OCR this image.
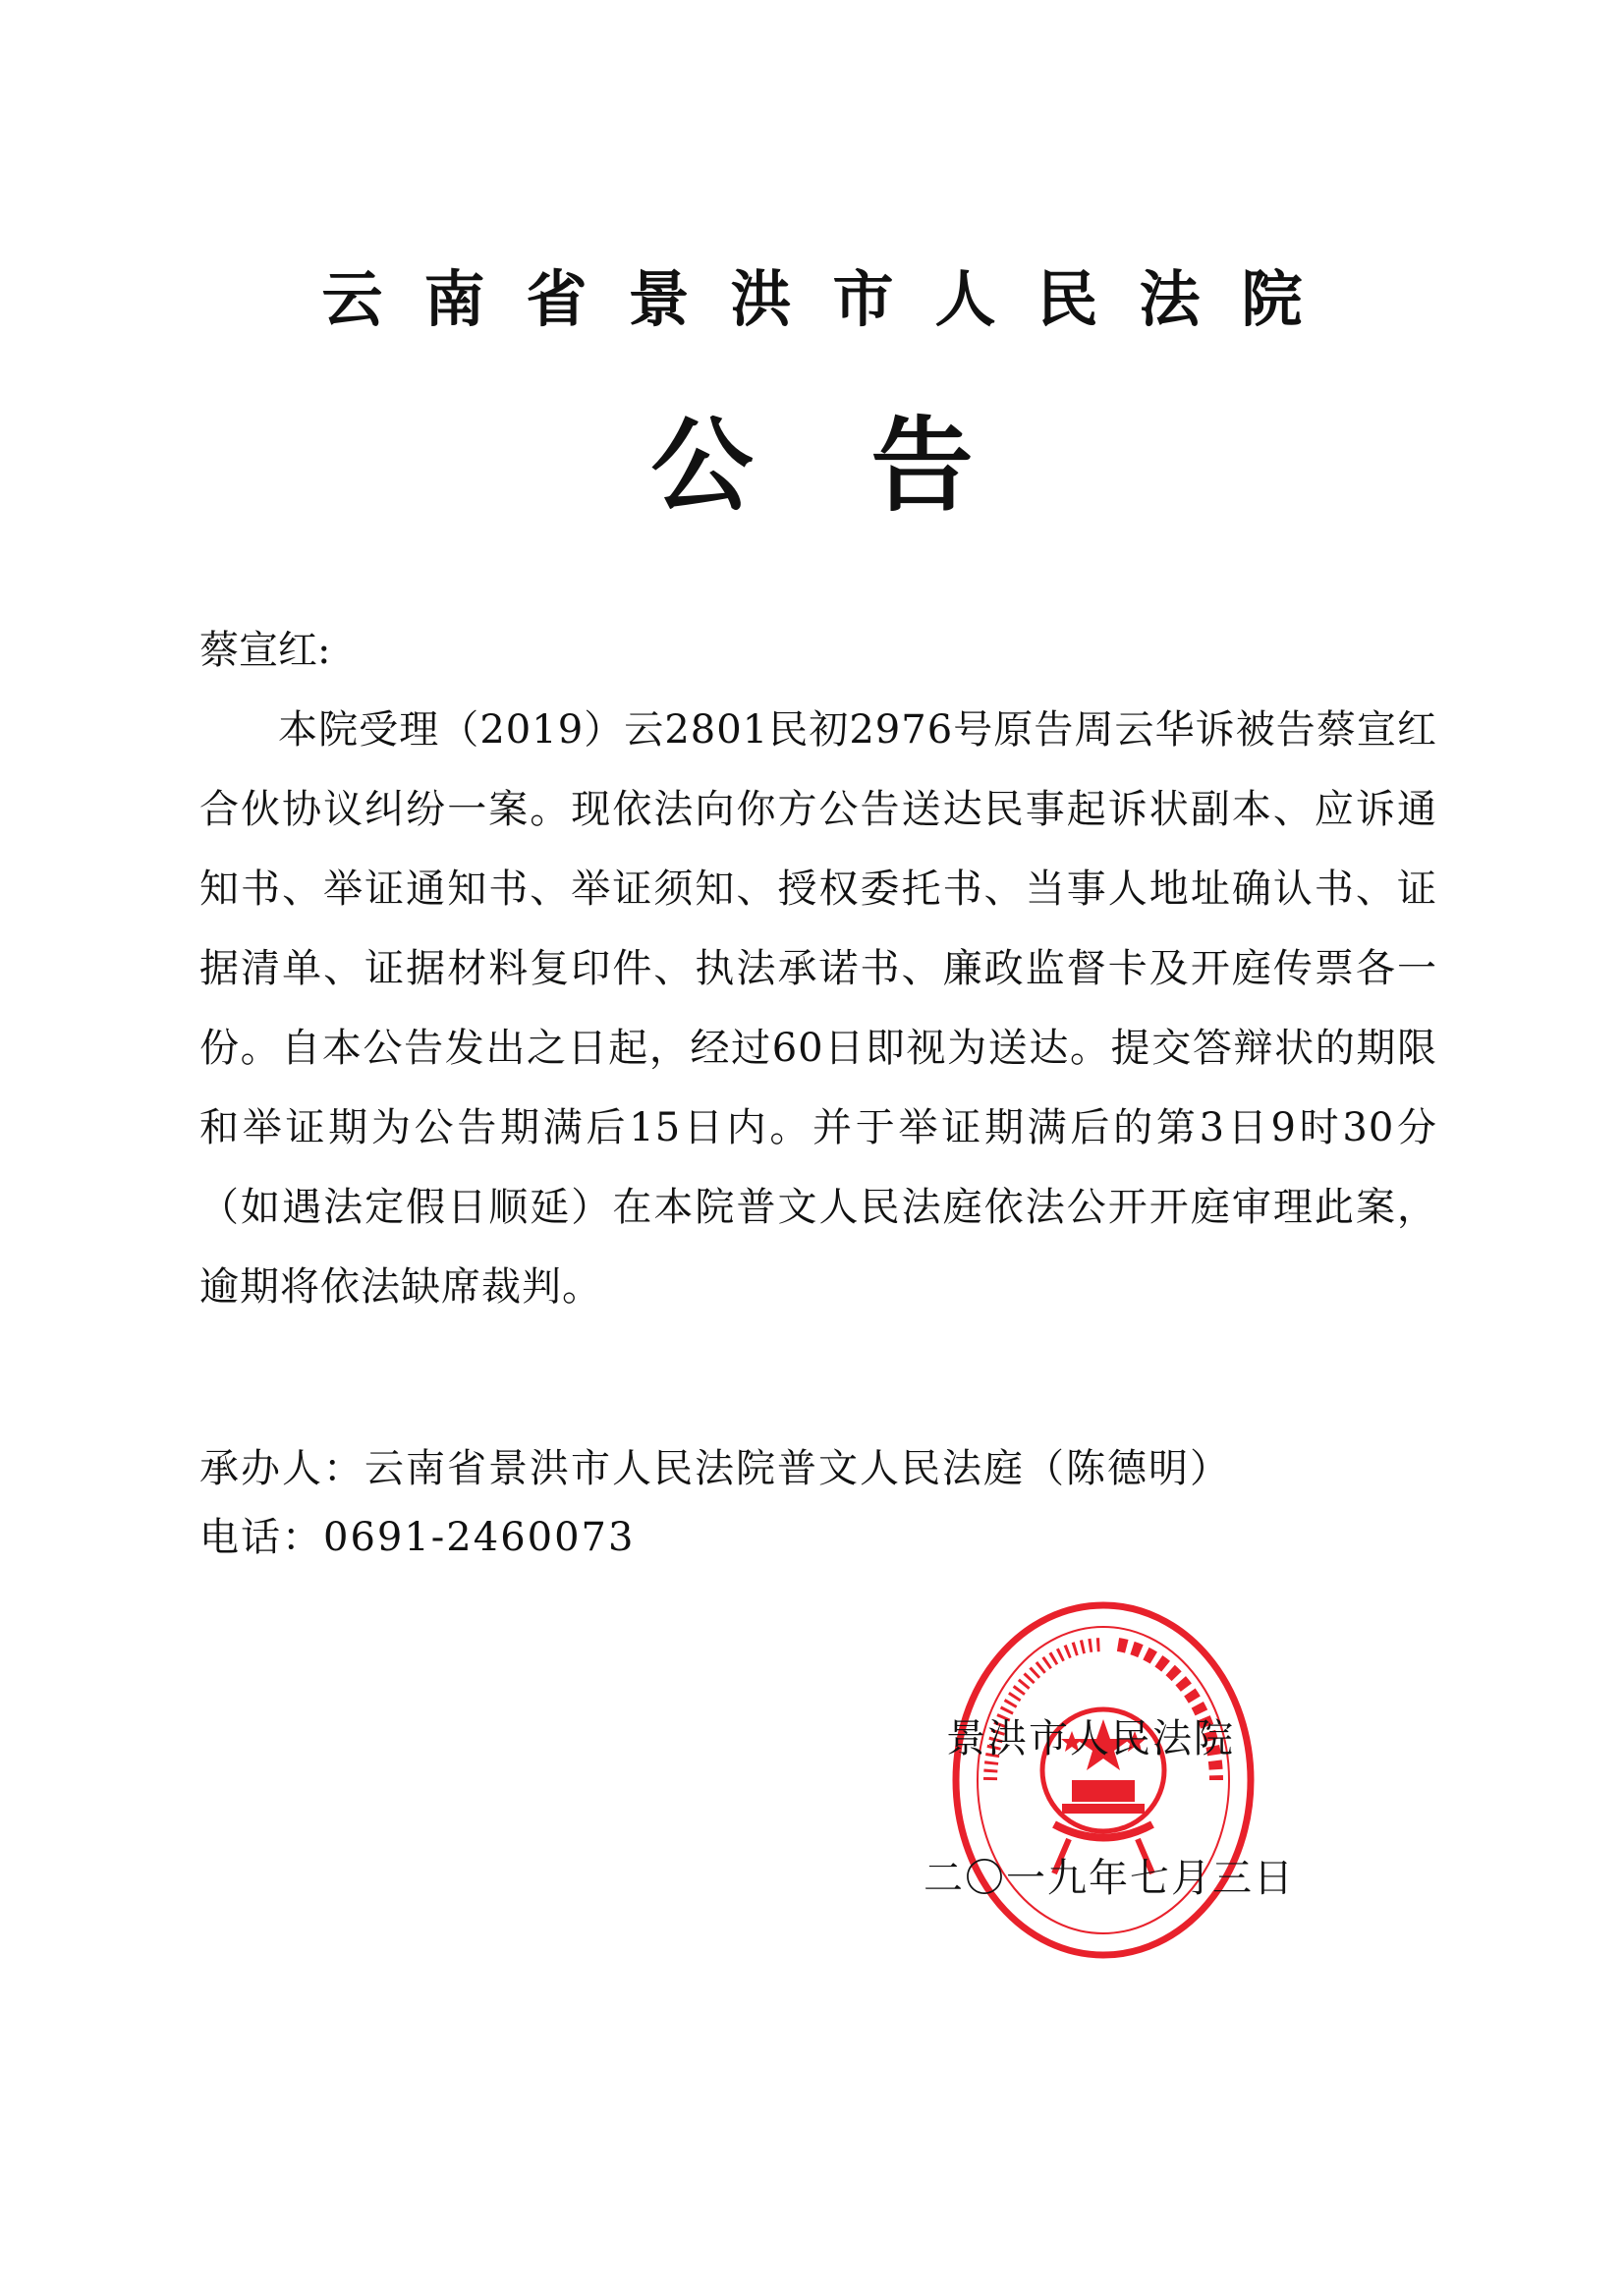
云南省景洪市人民法院
公告
蔡宣红:
本院受理（2019）云2801民初2976号原告周云华诉被告蔡宣红合伙协议纠纷一案。现依法向你方公告送达民事起诉状副本、应诉通知书、举证通知书、举证须知、授权委托书、当事人地址确认书、证据清单、证据材料复印件、执法承诺书、廉政监督卡及开庭传票各一份。自本公告发出之日起，经过60日即视为送达。提交答辩状的期限和举证期为公告期满后15日内。并于举证期满后的第3日9时30分（如遇法定假日顺延）在本院普文人民法庭依法公开开庭审理此案，逾期将依法缺席裁判。
承办人：云南省景洪市人民法院普文人民法庭（陈德明）
电话：0691-2460073
景洪市人民法院
二〇一九年七月三日
